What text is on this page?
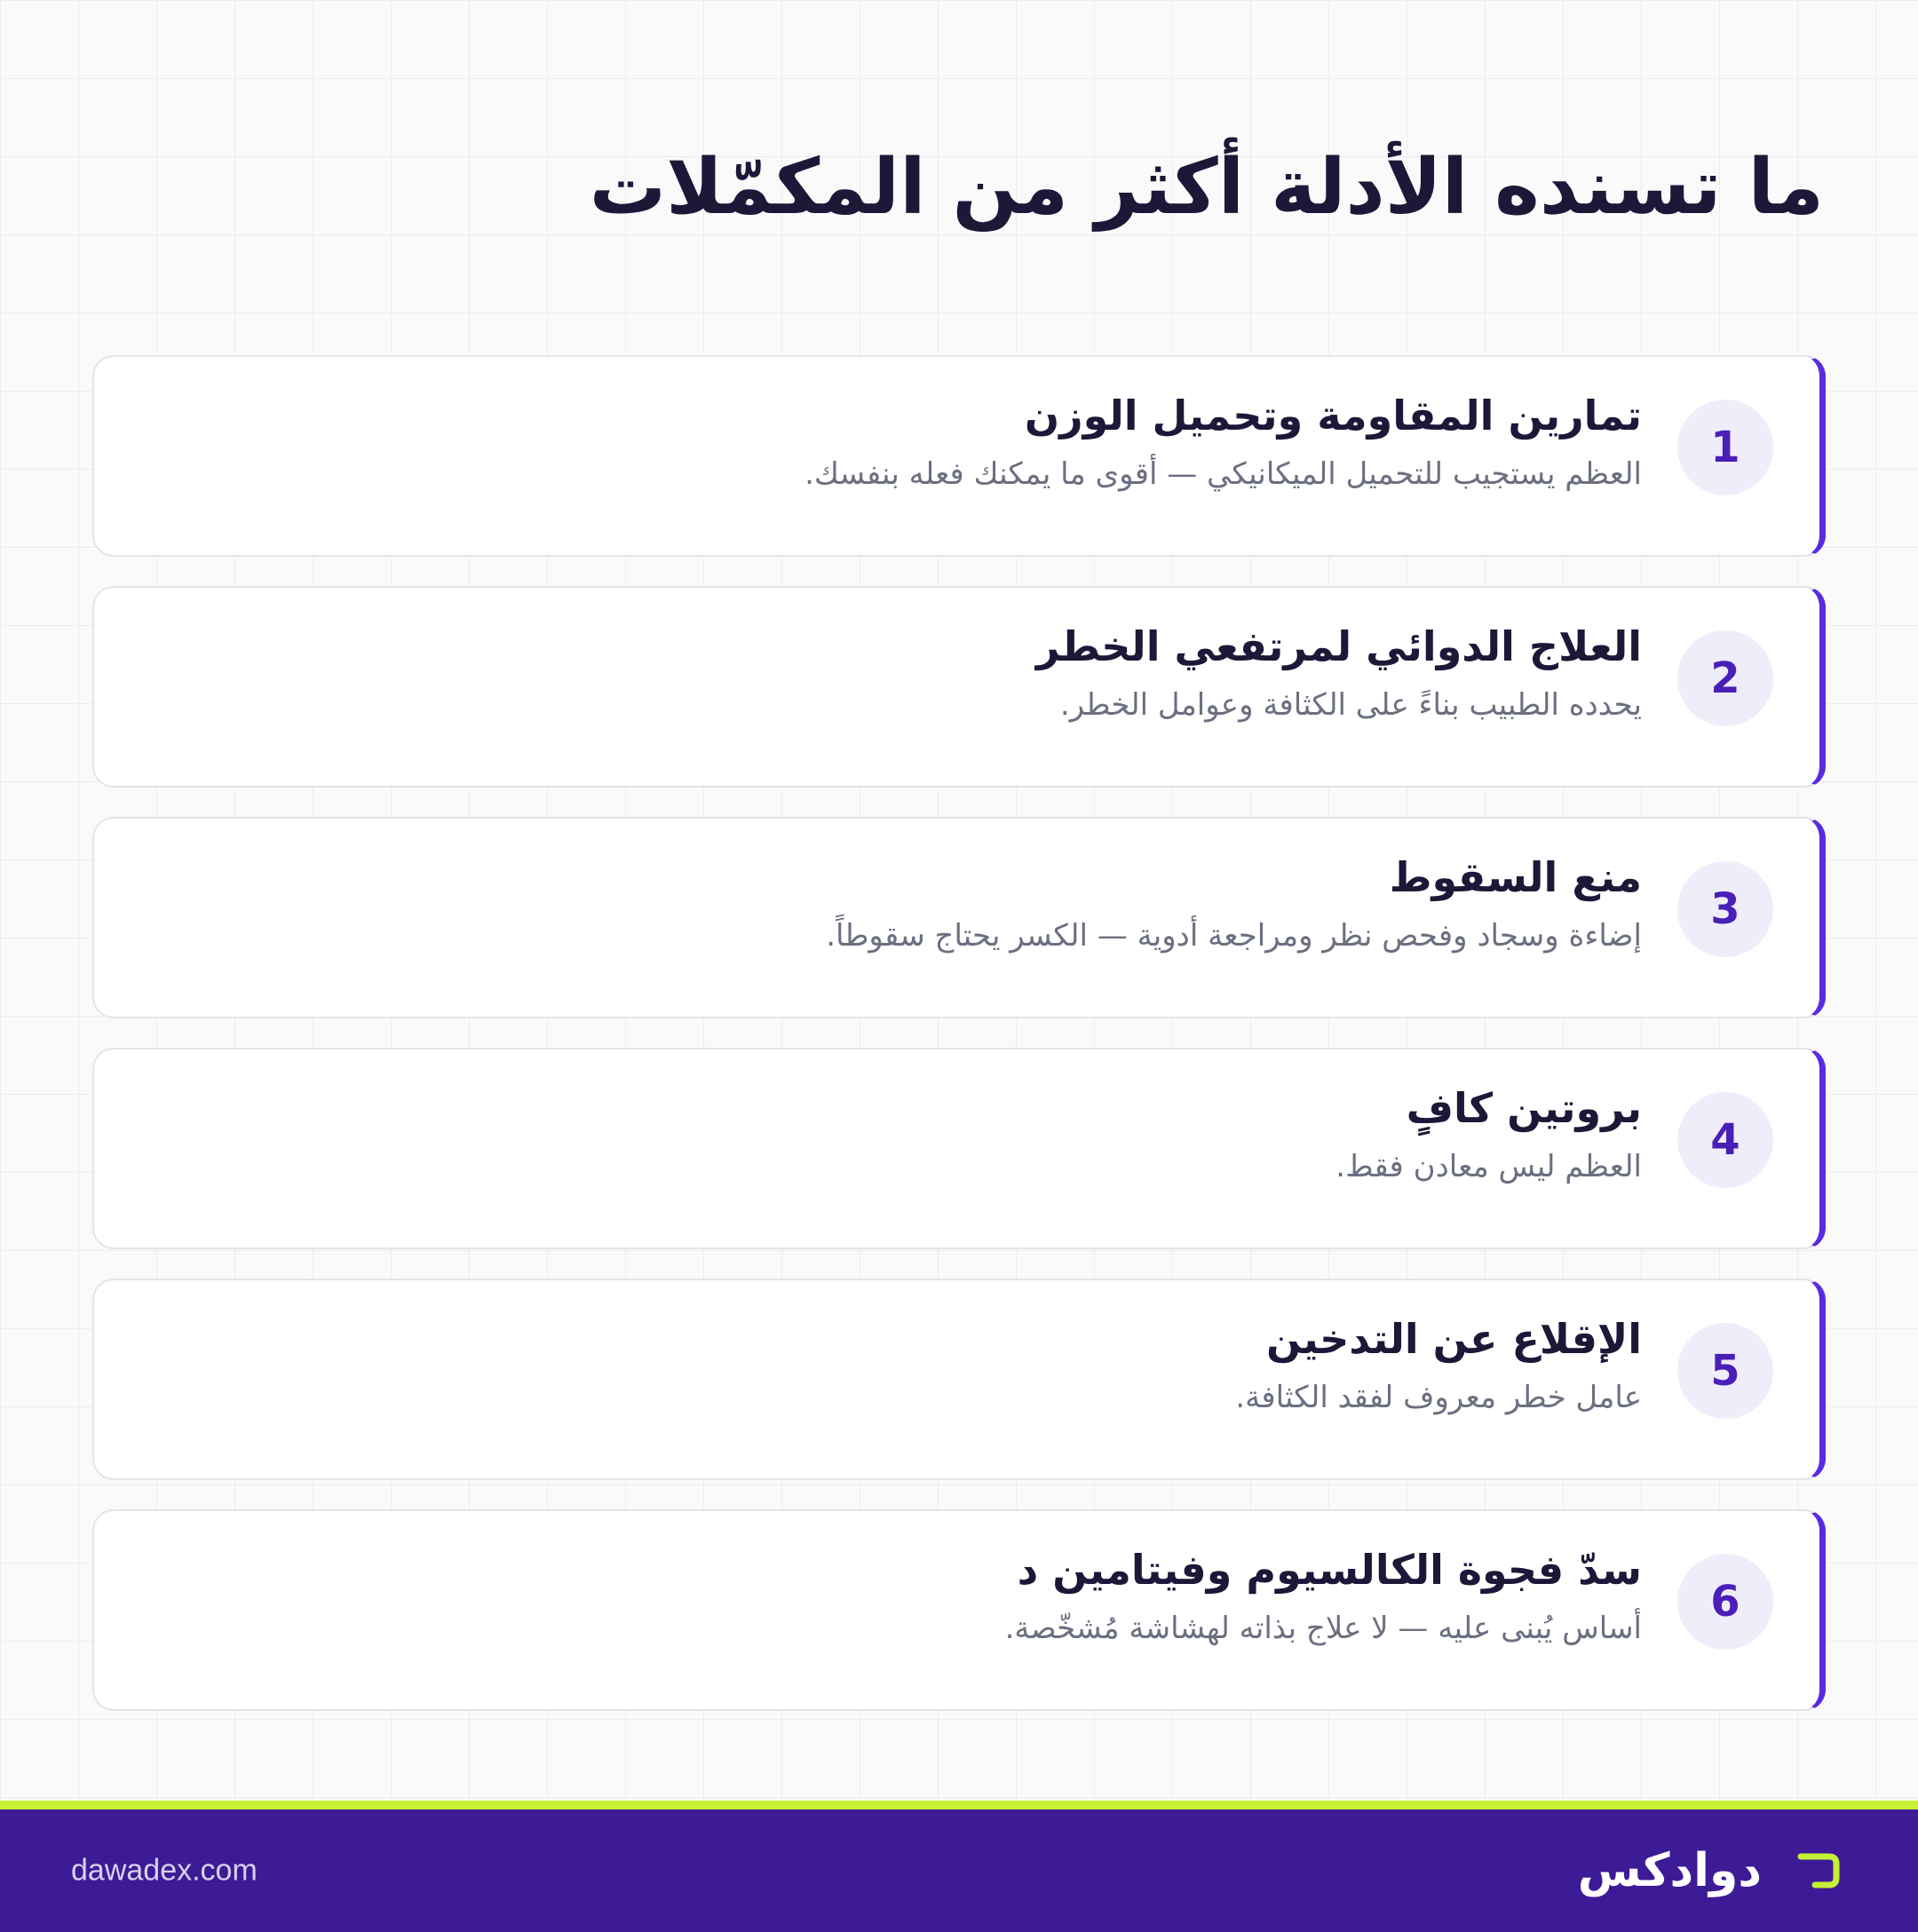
ما تسنده الأدلة أكثر من المكمّلات
1
تمارين المقاومة وتحميل الوزن
العظم يستجيب للتحميل الميكانيكي — أقوى ما يمكنك فعله بنفسك.
2
العلاج الدوائي لمرتفعي الخطر
يحدده الطبيب بناءً على الكثافة وعوامل الخطر.
3
منع السقوط
إضاءة وسجاد وفحص نظر ومراجعة أدوية — الكسر يحتاج سقوطاً.
4
بروتين كافٍ
العظم ليس معادن فقط.
5
الإقلاع عن التدخين
عامل خطر معروف لفقد الكثافة.
6
سدّ فجوة الكالسيوم وفيتامين د
أساس يُبنى عليه — لا علاج بذاته لهشاشة مُشخّصة.
dawadex.com	دوادكس
